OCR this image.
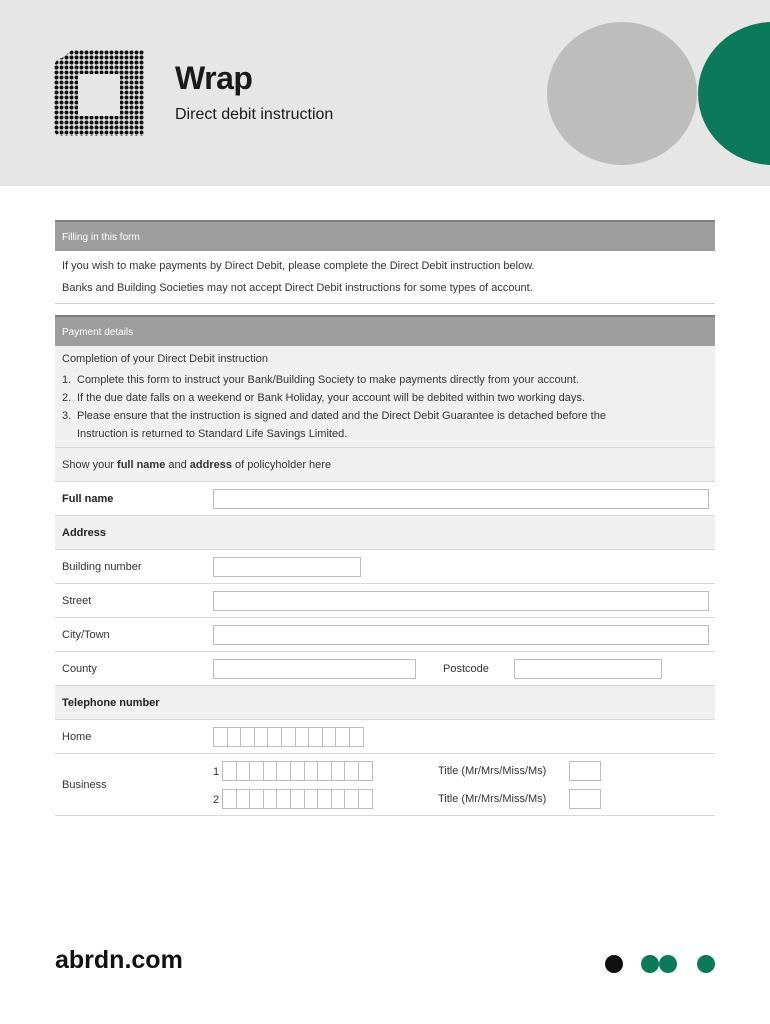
Wrap
Direct debit instruction
Filling in this form

If you wish to make payments by Direct Debit, please complete the Direct Debit instruction below.

Banks and Building Societies may not accept Direct Debit instructions for some types of account.

Payment details
Completion of your Direct Debit instruction
1. Complete this form to instruct your Bank/Building Society to make payments directly from your account.
2. If the due date falls on a weekend or Bank Holiday, your account will be debited within two working days.
3. Please ensure that the instruction is signed and dated and the Direct Debit Guarantee is detached before the
Instruction is returned to Standard Life Savings Limited.
Show your full name and address of policyholder here
Full name
Address
Building number
Street
City/Town
County	Postcode
Telephone number
Home
Business
1	Title (Mr/Mrs/Miss/Ms)
2	Title (Mr/Mrs/Miss/Ms)
abrdn.com
